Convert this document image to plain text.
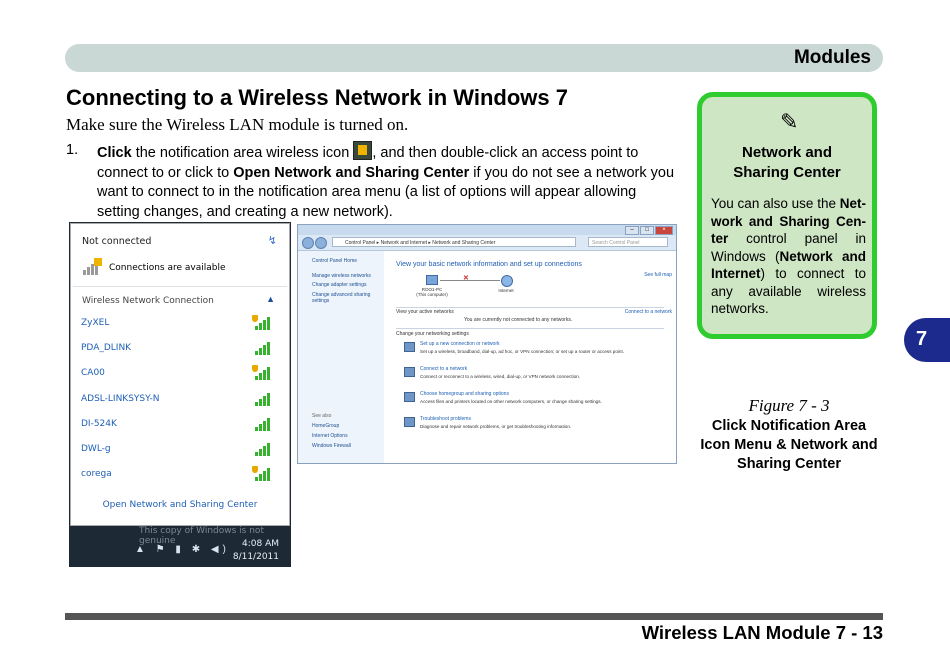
Modules
7
Connecting to a Wireless Network in Windows 7
Make sure the Wireless LAN module is turned on.
1. Click the notification area wireless icon , and then double-click an access point to connect to or click to Open Network and Sharing Center if you do not see a network you want to connect to in the notification area menu (a list of options will appear allowing setting changes, and creating a new network).
Not connected	↯
Connections are available
Wireless Network Connection	▲
ZyXEL
PDA_DLINK
CA00
ADSL-LINKSYSY-N
DI-524K
DWL-g
corega
Open Network and Sharing Center
This copy of Windows is not genuine
▲ ⚑ ▮ ✱ ◀)	4:08 AM
8/11/2011
–	□	×
Control Panel ▸ Network and Internet ▸ Network and Sharing Center	Search Control Panel
Control Panel Home
Manage wireless networks
Change adapter settings
Change advanced sharing settings
See also
HomeGroup
Internet Options
Windows Firewall
View your basic network information and set up connections
See full map
ROO1-PC
(This computer)
✕
Internet
View your active networks	Connect to a network
You are currently not connected to any networks.
Change your networking settings
Set up a new connection or network
Set up a wireless, broadband, dial-up, ad hoc, or VPN connection; or set up a router or access point.
Connect to a network
Connect or reconnect to a wireless, wired, dial-up, or VPN network connection.
Choose homegroup and sharing options
Access files and printers located on other network computers, or change sharing settings.
Troubleshoot problems
Diagnose and repair network problems, or get troubleshooting information.
✎
Network and
Sharing Center
You can also use the Net-work and Sharing Cen-ter control panel in Windows (Network and Internet) to connect to any available wireless networks.
Figure 7 - 3
Click Notification Area Icon Menu & Network and Sharing Center
Wireless LAN Module 7 - 13
